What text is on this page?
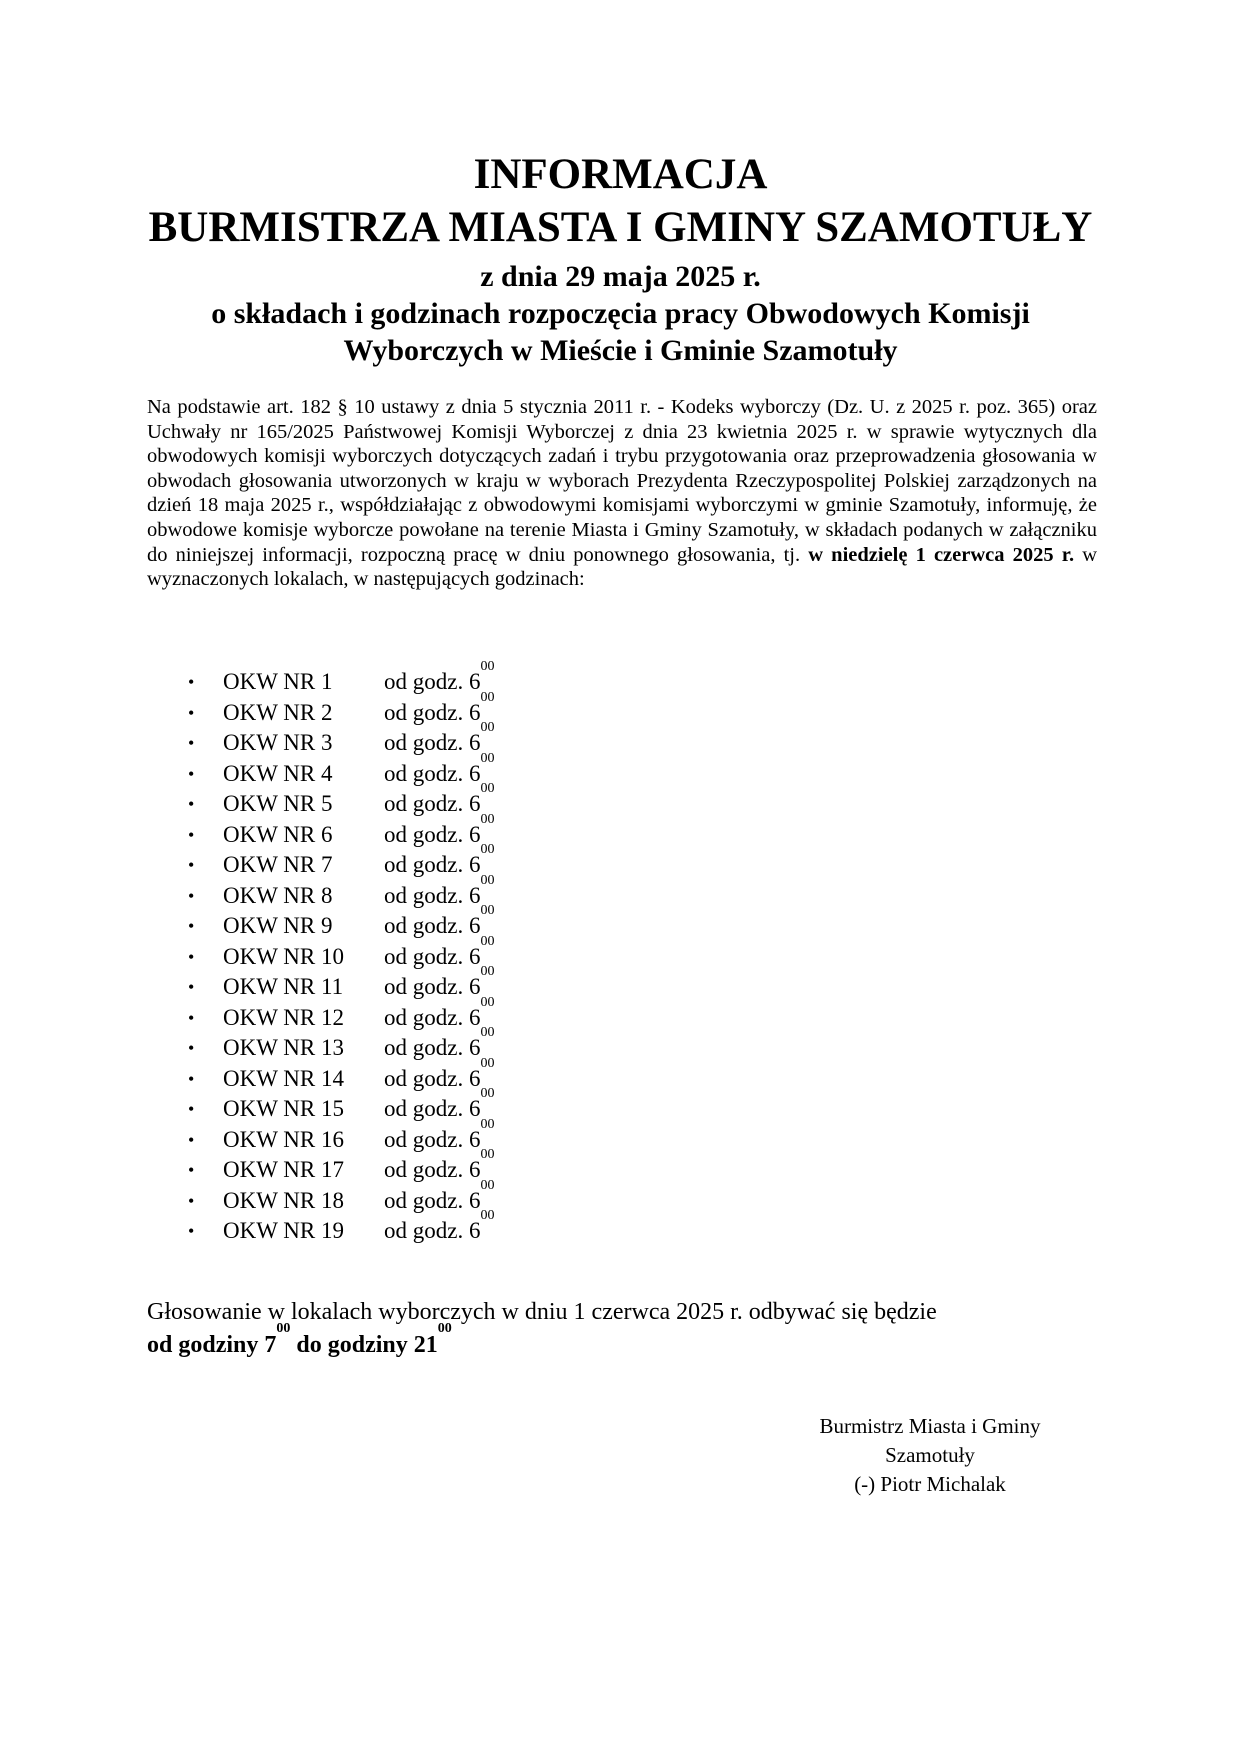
INFORMACJA
BURMISTRZA MIASTA I GMINY SZAMOTUŁY
z dnia 29 maja 2025 r.
o składach i godzinach rozpoczęcia pracy Obwodowych Komisji
Wyborczych w Mieście i Gminie Szamotuły
Na podstawie art. 182 § 10 ustawy z dnia 5 stycznia 2011 r. - Kodeks wyborczy (Dz. U. z 2025 r. poz. 365) oraz Uchwały nr 165/2025 Państwowej Komisji Wyborczej z dnia 23 kwietnia 2025 r. w sprawie wytycznych dla obwodowych komisji wyborczych dotyczących zadań i trybu przygotowania oraz przeprowadzenia głosowania w obwodach głosowania utworzonych w kraju w wyborach Prezydenta Rzeczypospolitej Polskiej zarządzonych na dzień 18 maja 2025 r., współdziałając z obwodowymi komisjami wyborczymi w gminie Szamotuły, informuję, że obwodowe komisje wyborcze powołane na terenie Miasta i Gminy Szamotuły, w składach podanych w załączniku do niniejszej informacji, rozpoczną pracę w dniu ponownego głosowania, tj. w niedzielę 1 czerwca 2025 r. w wyznaczonych lokalach, w następujących godzinach:
• OKW NR 1 od godz. $6^{00}$
• OKW NR 2 od godz. $6^{00}$
• OKW NR 3 od godz. $6^{00}$
• OKW NR 4 od godz. $6^{00}$
• OKW NR 5 od godz. $6^{00}$
• OKW NR 6 od godz. $6^{00}$
• OKW NR 7 od godz. $6^{00}$
• OKW NR 8 od godz. $6^{00}$
• OKW NR 9 od godz. $6^{00}$
• OKW NR 10 od godz. $6^{00}$
• OKW NR 11 od godz. $6^{00}$
• OKW NR 12 od godz. $6^{00}$
• OKW NR 13 od godz. $6^{00}$
• OKW NR 14 od godz. $6^{00}$
• OKW NR 15 od godz. $6^{00}$
• OKW NR 16 od godz. $6^{00}$
• OKW NR 17 od godz. $6^{00}$
• OKW NR 18 od godz. $6^{00}$
• OKW NR 19 od godz. $6^{00}$
Głosowanie w lokalach wyborczych w dniu 1 czerwca 2025 r. odbywać się będzie
od godziny $7^{00}$ do godziny $21^{00}$
Burmistrz Miasta i Gminy
Szamotuły
(-) Piotr Michalak
